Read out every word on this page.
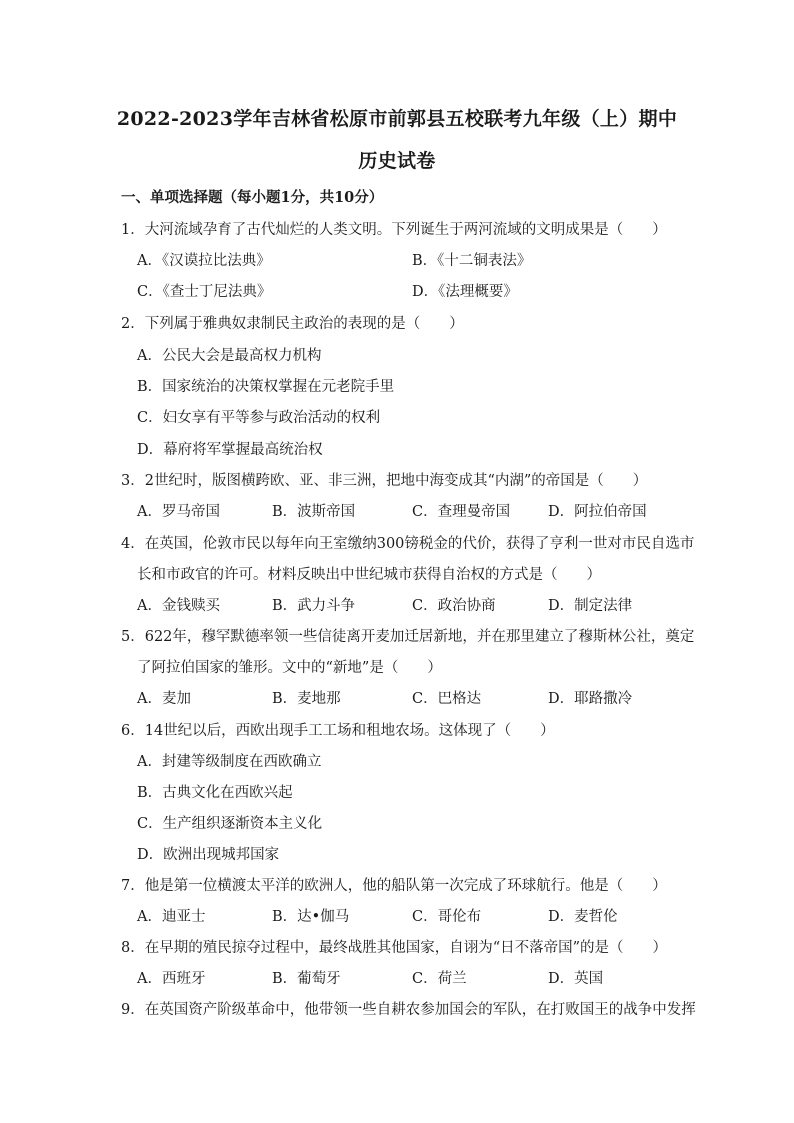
2022-2023学年吉林省松原市前郭县五校联考九年级（上）期中
历史试卷
一、单项选择题（每小题1分，共10分）
1．大河流域孕育了古代灿烂的人类文明。下列诞生于两河流域的文明成果是（　　）
A．《汉谟拉比法典》	B．《十二铜表法》
C．《查士丁尼法典》	D．《法理概要》
2．下列属于雅典奴隶制民主政治的表现的是（　　）
A．公民大会是最高权力机构
B．国家统治的决策权掌握在元老院手里
C．妇女享有平等参与政治活动的权利
D．幕府将军掌握最高统治权
3．2世纪时，版图横跨欧、亚、非三洲，把地中海变成其“内湖”的帝国是（　　）
A．罗马帝国	B．波斯帝国	C．查理曼帝国	D．阿拉伯帝国
4．在英国，伦敦市民以每年向王室缴纳300镑税金的代价，获得了亨利一世对市民自选市
长和市政官的许可。材料反映出中世纪城市获得自治权的方式是（　　）
A．金钱赎买	B．武力斗争	C．政治协商	D．制定法律
5．622年，穆罕默德率领一些信徒离开麦加迁居新地，并在那里建立了穆斯林公社，奠定
了阿拉伯国家的雏形。文中的“新地”是（　　）
A．麦加	B．麦地那	C．巴格达	D．耶路撒冷
6．14世纪以后，西欧出现手工工场和租地农场。这体现了（　　）
A．封建等级制度在西欧确立
B．古典文化在西欧兴起
C．生产组织逐渐资本主义化
D．欧洲出现城邦国家
7．他是第一位横渡太平洋的欧洲人，他的船队第一次完成了环球航行。他是（　　）
A．迪亚士	B．达•伽马	C．哥伦布	D．麦哲伦
8．在早期的殖民掠夺过程中，最终战胜其他国家，自诩为“日不落帝国”的是（　　）
A．西班牙	B．葡萄牙	C．荷兰	D．英国
9．在英国资产阶级革命中，他带领一些自耕农参加国会的军队，在打败国王的战争中发挥
